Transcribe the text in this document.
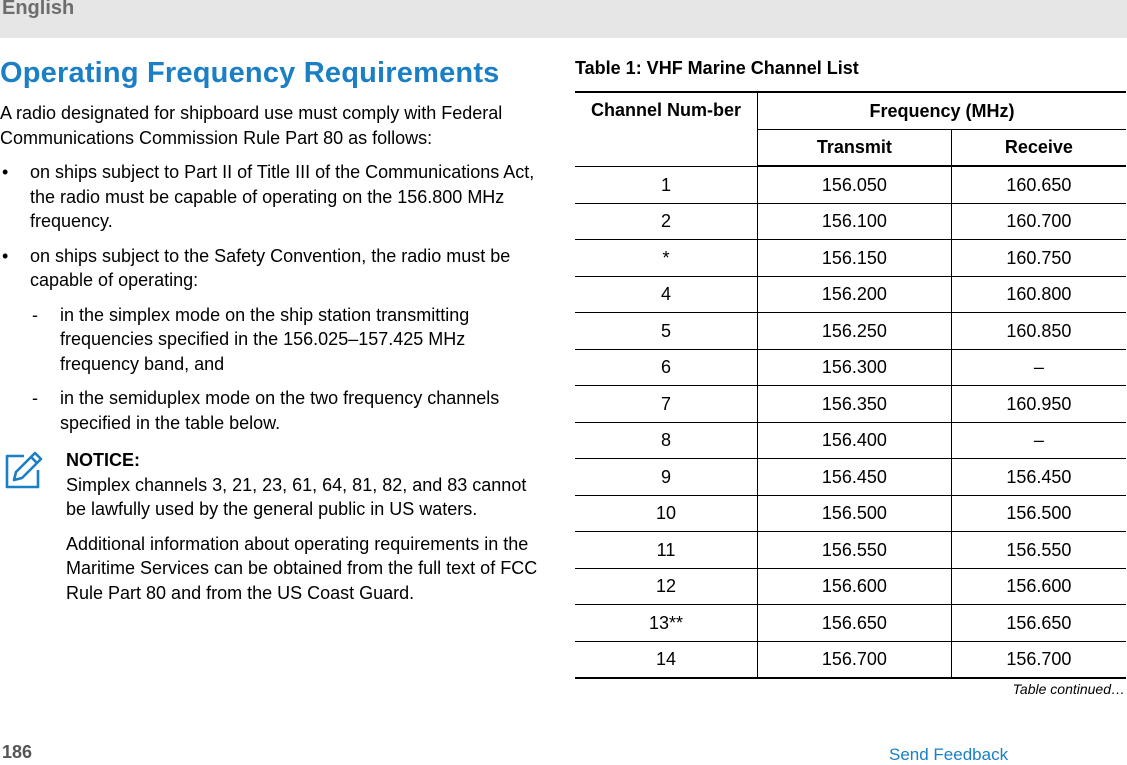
English
Operating Frequency Requirements

A radio designated for shipboard use must comply with Federal Communications Commission Rule Part 80 as follows:

• on ships subject to Part II of Title III of the Communications Act, the radio must be capable of operating on the 156.800 MHz frequency.
• on ships subject to the Safety Convention, the radio must be capable of operating:
- in the simplex mode on the ship station transmitting frequencies specified in the 156.025–157.425 MHz frequency band, and
- in the semiduplex mode on the two frequency channels specified in the table below.

NOTICE:
Simplex channels 3, 21, 23, 61, 64, 81, 82, and 83 cannot be lawfully used by the general public in US waters.

Additional information about operating requirements in the Maritime Services can be obtained from the full text of FCC Rule Part 80 and from the US Coast Guard.

Table 1: VHF Marine Channel List

Channel Num-ber	Frequency (MHz)	
	Transmit	Receive
1	156.050	160.650
2	156.100	160.700
*	156.150	160.750
4	156.200	160.800
5	156.250	160.850
6	156.300	–
7	156.350	160.950
8	156.400	–
9	156.450	156.450
10	156.500	156.500
11	156.550	156.550
12	156.600	156.600
13**	156.650	156.650
14	156.700	156.700
Table continued…
186	Send Feedback
